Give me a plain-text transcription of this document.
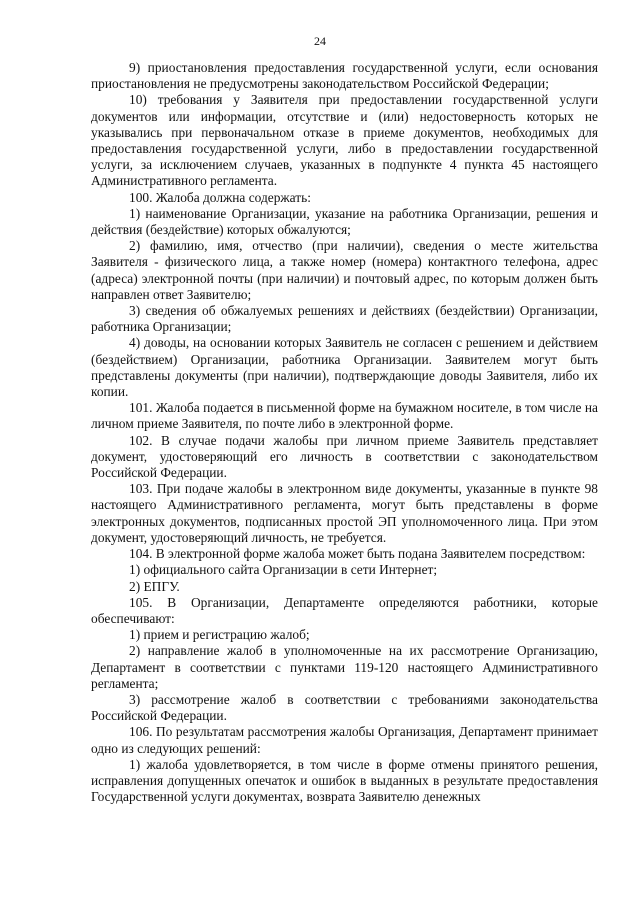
24

9) приостановления предоставления государственной услуги, если основания приостановления не предусмотрены законодательством Российской Федерации;

10) требования у Заявителя при предоставлении государственной услуги документов или информации, отсутствие и (или) недостоверность которых не указывались при первоначальном отказе в приеме документов, необходимых для предоставления государственной услуги, либо в предоставлении государственной услуги, за исключением случаев, указанных в подпункте 4 пункта 45 настоящего Административного регламента.

100. Жалоба должна содержать:

1) наименование Организации, указание на работника Организации, решения и действия (бездействие) которых обжалуются;

2) фамилию, имя, отчество (при наличии), сведения о месте жительства Заявителя - физического лица, а также номер (номера) контактного телефона, адрес (адреса) электронной почты (при наличии) и почтовый адрес, по которым должен быть направлен ответ Заявителю;

3) сведения об обжалуемых решениях и действиях (бездействии) Организации, работника Организации;

4) доводы, на основании которых Заявитель не согласен с решением и действием (бездействием) Организации, работника Организации. Заявителем могут быть представлены документы (при наличии), подтверждающие доводы Заявителя, либо их копии.

101. Жалоба подается в письменной форме на бумажном носителе, в том числе на личном приеме Заявителя, по почте либо в электронной форме.

102. В случае подачи жалобы при личном приеме Заявитель представляет документ, удостоверяющий его личность в соответствии с законодательством Российской Федерации.

103. При подаче жалобы в электронном виде документы, указанные в пункте 98 настоящего Административного регламента, могут быть представлены в форме электронных документов, подписанных простой ЭП уполномоченного лица. При этом документ, удостоверяющий личность, не требуется.

104. В электронной форме жалоба может быть подана Заявителем посредством:

1) официального сайта Организации в сети Интернет;

2) ЕПГУ.

105. В Организации, Департаменте определяются работники, которые обеспечивают:

1) прием и регистрацию жалоб;

2) направление жалоб в уполномоченные на их рассмотрение Организацию, Департамент в соответствии с пунктами 119-120 настоящего Административного регламента;

3) рассмотрение жалоб в соответствии с требованиями законодательства Российской Федерации.

106. По результатам рассмотрения жалобы Организация, Департамент принимает одно из следующих решений:

1) жалоба удовлетворяется, в том числе в форме отмены принятого решения, исправления допущенных опечаток и ошибок в выданных в результате предоставления Государственной услуги документах, возврата Заявителю денежных
